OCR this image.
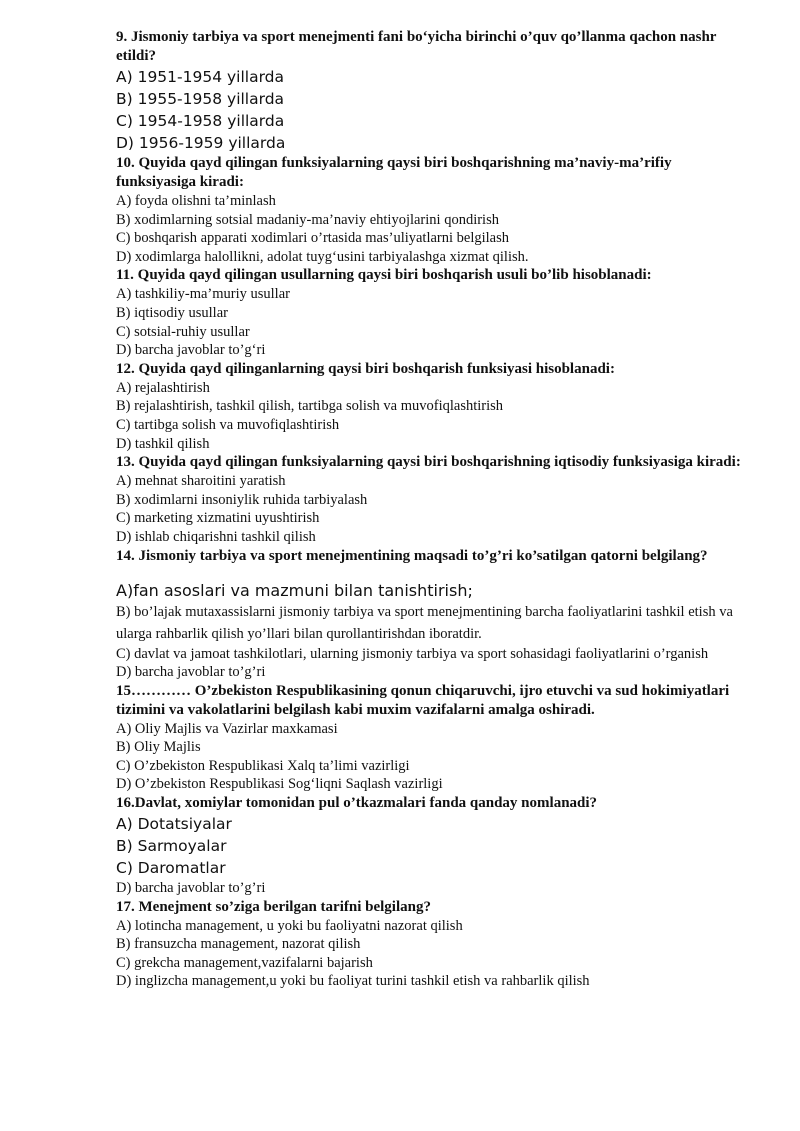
9. Jismoniy tarbiya va sport menejmenti fani bo‘yicha birinchi o’quv qo’llanma qachon nashr etildi?

A) 1951-1954 yillarda

B) 1955-1958 yillarda

C) 1954-1958 yillarda

D) 1956-1959 yillarda

10. Quyida qayd qilingan funksiyalarning qaysi biri boshqarishning ma’naviy-ma’rifiy funksiyasiga kiradi:

A) foyda olishni ta’minlash

B) xodimlarning sotsial madaniy-ma’naviy ehtiyojlarini qondirish

C) boshqarish apparati xodimlari o’rtasida mas’uliyatlarni belgilash

D) xodimlarga halollikni, adolat tuyg‘usini tarbiyalashga xizmat qilish.

11. Quyida qayd qilingan usullarning qaysi biri boshqarish usuli bo’lib hisoblanadi:

A) tashkiliy-ma’muriy usullar

B) iqtisodiy usullar

C) sotsial-ruhiy usullar

D) barcha javoblar to’g‘ri

12. Quyida qayd qilinganlarning qaysi biri boshqarish funksiyasi hisoblanadi:

A) rejalashtirish

B) rejalashtirish, tashkil qilish, tartibga solish va muvofiqlashtirish

C) tartibga solish va muvofiqlashtirish

D) tashkil qilish

13. Quyida qayd qilingan funksiyalarning qaysi biri boshqarishning iqtisodiy funksiyasiga kiradi:

A) mehnat sharoitini yaratish

B) xodimlarni insoniylik ruhida tarbiyalash

C) marketing xizmatini uyushtirish

D) ishlab chiqarishni tashkil qilish

14. Jismoniy tarbiya va sport menejmentining maqsadi to’g’ri ko’satilgan qatorni belgilang?

A)fan asoslari va mazmuni bilan tanishtirish;

B) bo’lajak mutaxassislarni jismoniy tarbiya va sport menejmentining barcha faoliyatlarini tashkil etish va ularga rahbarlik qilish yo’llari bilan qurollantirishdan iboratdir.

C) davlat va jamoat tashkilotlari, ularning jismoniy tarbiya va sport sohasidagi faoliyatlarini o’rganish

D) barcha javoblar to’g’ri

15………… O’zbekiston Respublikasining qonun chiqaruvchi, ijro etuvchi va sud hokimiyatlari tizimini va vakolatlarini belgilash kabi muxim vazifalarni amalga oshiradi.

A) Oliy Majlis va Vazirlar maxkamasi

B) Oliy Majlis

C) O’zbekiston Respublikasi Xalq ta’limi vazirligi

D) O’zbekiston Respublikasi Sog‘liqni Saqlash vazirligi

16.Davlat, xomiylar tomonidan pul o’tkazmalari fanda qanday nomlanadi?

A) Dotatsiyalar

B) Sarmoyalar

C) Daromatlar

D) barcha javoblar to’g’ri

17. Menejment so’ziga berilgan tarifni belgilang?

A) lotincha management, u yoki bu faoliyatni nazorat qilish

B) fransuzcha management, nazorat qilish

C) grekcha management,vazifalarni bajarish

D) inglizcha management,u yoki bu faoliyat turini tashkil etish va rahbarlik qilish
